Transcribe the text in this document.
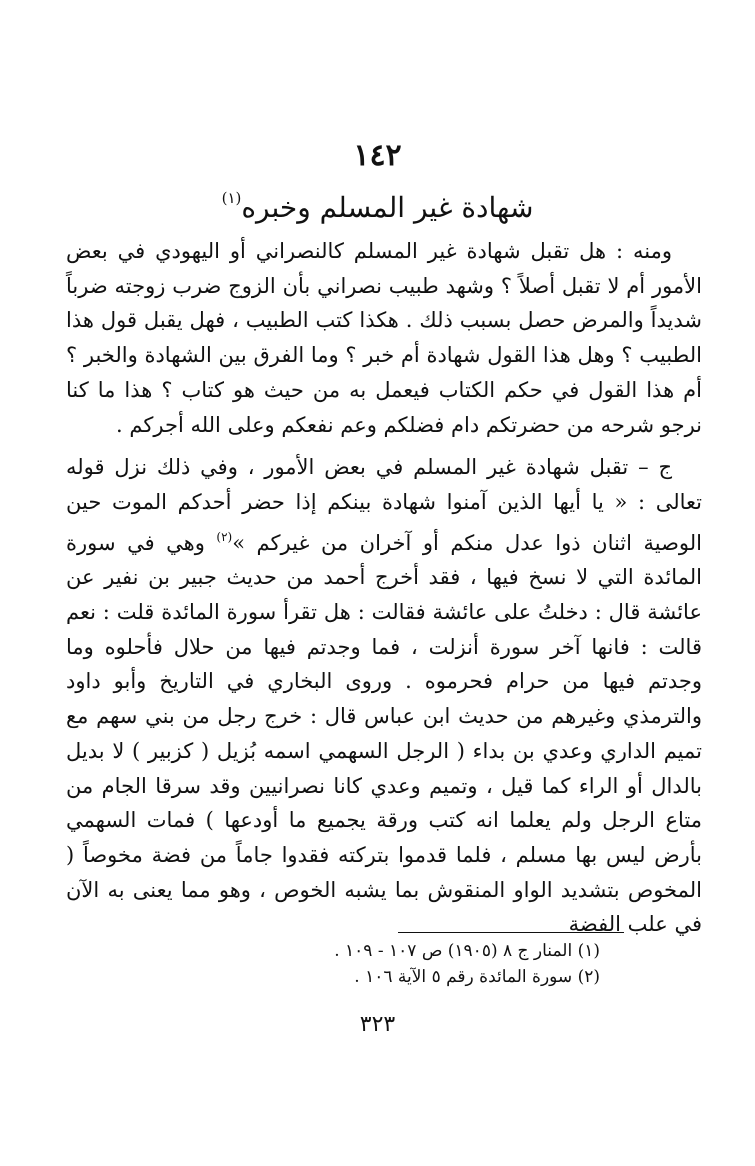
١٤٢
شهادة غير المسلم وخبره$^{(١)}$

ومنه : هل تقبل شهادة غير المسلم كالنصراني أو اليهودي في بعض الأمور أم لا تقبل أصلاً ؟ وشهد طبيب نصراني بأن الزوج ضرب زوجته ضرباً شديداً والمرض حصل بسبب ذلك . هكذا كتب الطبيب ، فهل يقبل قول هذا الطبيب ؟ وهل هذا القول شهادة أم خبر ؟ وما الفرق بين الشهادة والخبر ؟ أم هذا القول في حكم الكتاب فيعمل به من حيث هو كتاب ؟ هذا ما كنا نرجو شرحه من حضرتكم دام فضلكم وعم نفعكم وعلى الله أجركم .

ج – تقبل شهادة غير المسلم في بعض الأمور ، وفي ذلك نزل قوله تعالى : « يا أيها الذين آمنوا شهادة بينكم إذا حضر أحدكم الموت حين الوصية اثنان ذوا عدل منكم أو آخران من غيركم »$^{(٢)}$ وهي في سورة المائدة التي لا نسخ فيها ، فقد أخرج أحمد من حديث جبير بن نفير عن عائشة قال : دخلتُ على عائشة فقالت : هل تقرأ سورة المائدة قلت : نعم قالت : فانها آخر سورة أنزلت ، فما وجدتم فيها من حلال فأحلوه وما وجدتم فيها من حرام فحرموه . وروى البخاري في التاريخ وأبو داود والترمذي وغيرهم من حديث ابن عباس قال : خرج رجل من بني سهم مع تميم الداري وعدي بن بداء ( الرجل السهمي اسمه بُزيل ( كزبير ) لا بديل بالدال أو الراء كما قيل ، وتميم وعدي كانا نصرانيين وقد سرقا الجام من متاع الرجل ولم يعلما انه كتب ورقة يجميع ما أودعها ) فمات السهمي بأرض ليس بها مسلم ، فلما قدموا بتركته فقدوا جاماً من فضة مخوصاً ( المخوص بتشديد الواو المنقوش بما يشبه الخوص ، وهو مما يعنى به الآن في علب الفضة

(١) المنار ج ٨ (١٩٠٥) ص ١٠٧ - ١٠٩ .
(٢) سورة المائدة رقم ٥ الآية ١٠٦ .
٣٢٣
